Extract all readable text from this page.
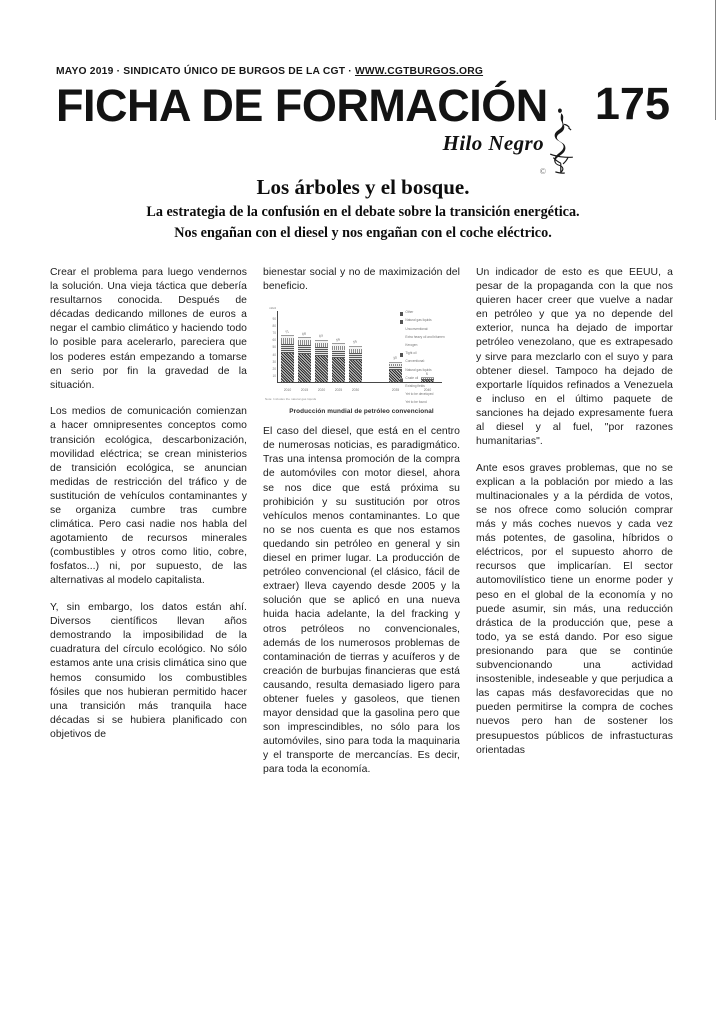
MAYO 2019 · SINDICATO ÚNICO DE BURGOS DE LA CGT · WWW.CGTBURGOS.ORG
FICHA DE FORMACIÓN 175
Hilo Negro
©
Los árboles y el bosque.
La estrategia de la confusión en el debate sobre la transición energética.
Nos engañan con el diesel y nos engañan con el coche eléctrico.

Crear el problema para luego vendernos la solución. Una vieja táctica que debería resultarnos conocida. Después de décadas dedicando millones de euros a negar el cambio climático y haciendo todo lo posible para acelerarlo, pareciera que los poderes están empezando a tomarse en serio por fin la gravedad de la situación.

Los medios de comunicación comienzan a hacer omnipresentes conceptos como transición ecológica, descarbonización, movilidad eléctrica; se crean ministerios de transición ecológica, se anuncian medidas de restricción del tráfico y de sustitución de vehículos contaminantes y se organiza cumbre tras cumbre climática. Pero casi nadie nos habla del agotamiento de recursos minerales (combustibles y otros como litio, cobre, fosfatos...) ni, por supuesto, de las alternativas al modelo capitalista.

Y, sin embargo, los datos están ahí. Diversos científicos llevan años demostrando la imposibilidad de la cuadratura del círculo ecológico. No sólo estamos ante una crisis climática sino que hemos consumido los combustibles fósiles que nos hubieran permitido hacer una transición más tranquila hace décadas si se hubiera planificado con objetivos de

bienestar social y no de maximización del beneficio.

mb/d
90
80
70
60
50
40
30
20
10
71	68
64
59
55
30
6
2010	2015	2020	2025	2030	2035	2040
Other
Natural gas liquids
Unconventional:
Extra heavy oil and bitumen
Kerogen
Tight oil
Conventional:
Natural gas liquids
Crude oil
Existing fields
Yet to be developed
Yet to be found
Note: Includes the natural gas liquids
Producción mundial de petróleo convencional

El caso del diesel, que está en el centro de numerosas noticias, es paradigmático. Tras una intensa promoción de la compra de automóviles con motor diesel, ahora se nos dice que está próxima su prohibición y su sustitución por otros vehículos menos contaminantes. Lo que no se nos cuenta es que nos estamos quedando sin petróleo en general y sin diesel en primer lugar. La producción de petróleo convencional (el clásico, fácil de extraer) lleva cayendo desde 2005 y la solución que se aplicó en una nueva huida hacia adelante, la del fracking y otros petróleos no convencionales, además de los numerosos problemas de contaminación de tierras y acuíferos y de creación de burbujas financieras que está causando, resulta demasiado ligero para obtener fueles y gasoleos, que tienen mayor densidad que la gasolina pero que son imprescindibles, no sólo para los automóviles, sino para toda la maquinaria y el transporte de mercancías. Es decir, para toda la economía.

Un indicador de esto es que EEUU, a pesar de la propaganda con la que nos quieren hacer creer que vuelve a nadar en petróleo y que ya no depende del exterior, nunca ha dejado de importar petróleo venezolano, que es extrapesado y sirve para mezclarlo con el suyo y para obtener diesel. Tampoco ha dejado de exportarle líquidos refinados a Venezuela e incluso en el último paquete de sanciones ha dejado expresamente fuera al diesel y al fuel, "por razones humanitarias".

Ante esos graves problemas, que no se explican a la población por miedo a las multinacionales y a la pérdida de votos, se nos ofrece como solución comprar más y más coches nuevos y cada vez más potentes, de gasolina, híbridos o eléctricos, por el supuesto ahorro de recursos que implicarían. El sector automovilístico tiene un enorme poder y peso en el global de la economía y no puede asumir, sin más, una reducción drástica de la producción que, pese a todo, ya se está dando. Por eso sigue presionando para que se continúe subvencionando una actividad insostenible, indeseable y que perjudica a las capas más desfavorecidas que no pueden permitirse la compra de coches nuevos pero han de sostener los presupuestos públicos de infrastucturas orientadas
